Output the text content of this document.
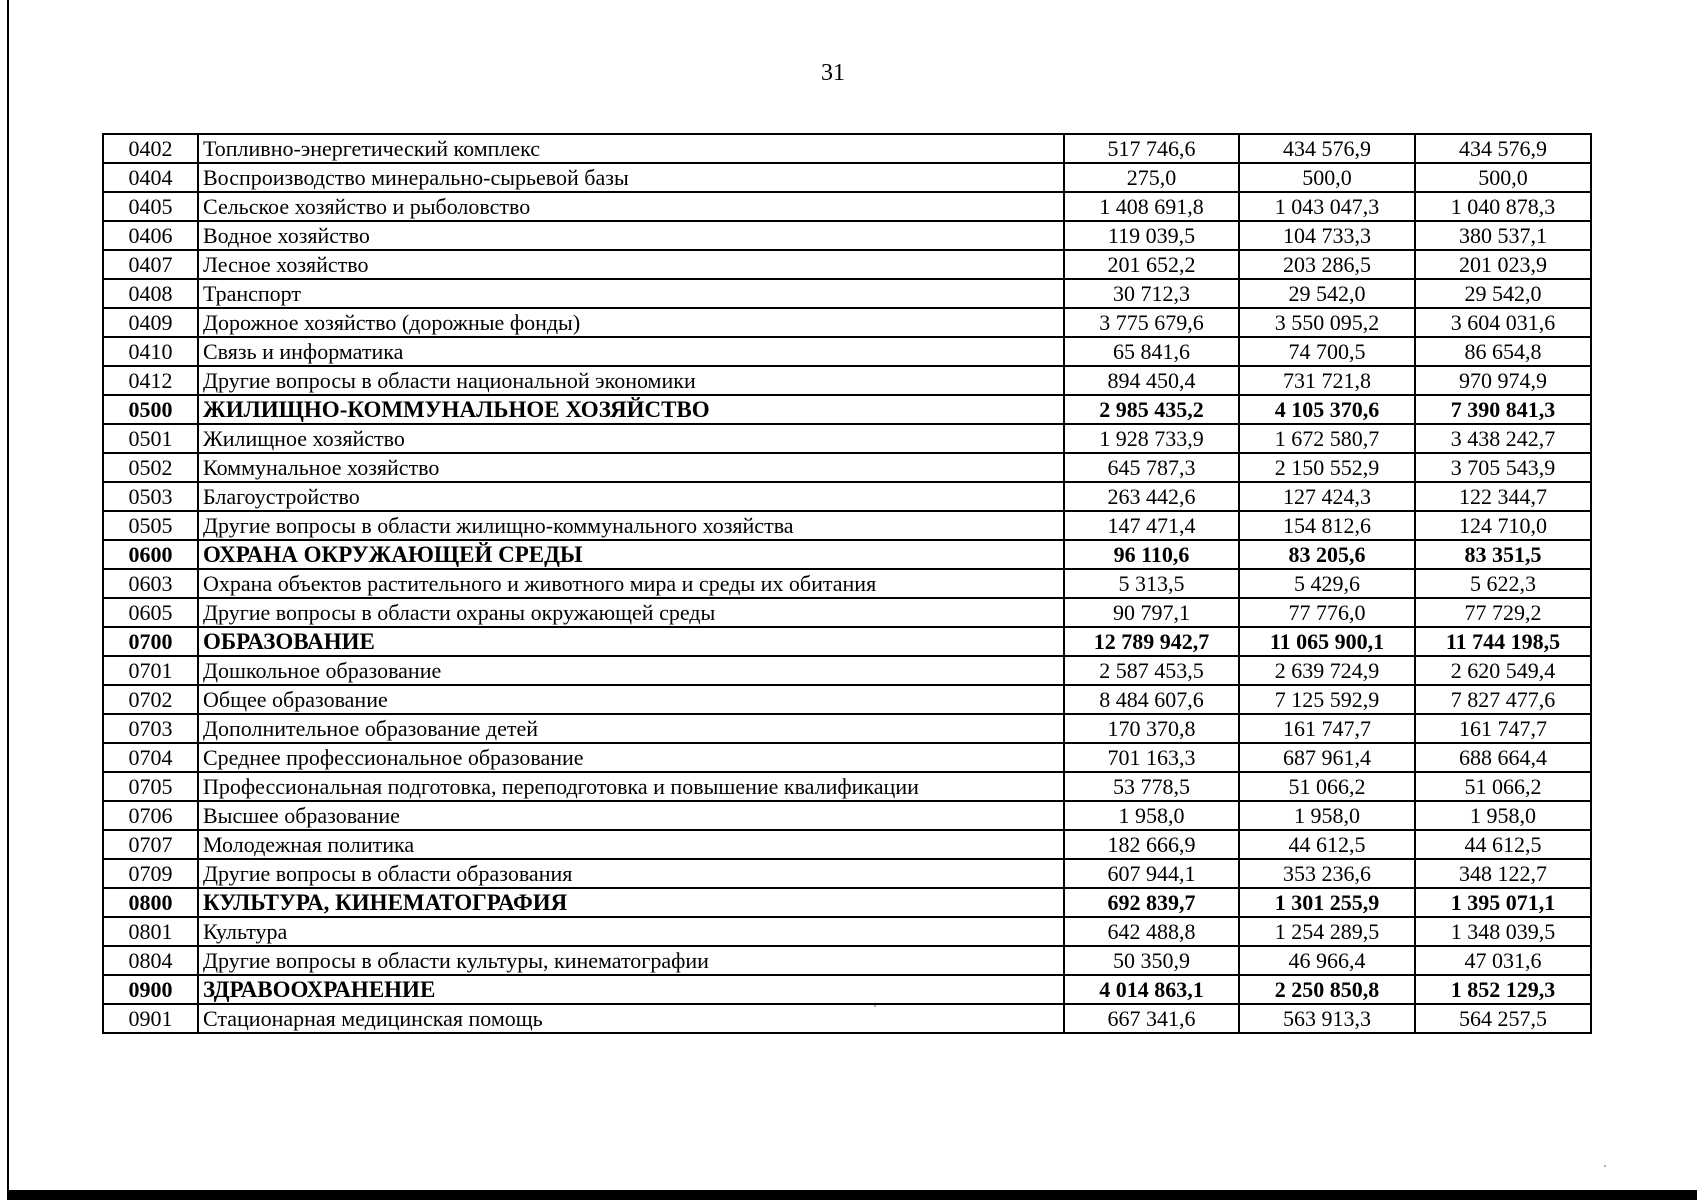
31
0402	Топливно-энергетический комплекс	517 746,6	434 576,9	434 576,9
0404	Воспроизводство минерально-сырьевой базы	275,0	500,0	500,0
0405	Сельское хозяйство и рыболовство	1 408 691,8	1 043 047,3	1 040 878,3
0406	Водное хозяйство	119 039,5	104 733,3	380 537,1
0407	Лесное хозяйство	201 652,2	203 286,5	201 023,9
0408	Транспорт	30 712,3	29 542,0	29 542,0
0409	Дорожное хозяйство (дорожные фонды)	3 775 679,6	3 550 095,2	3 604 031,6
0410	Связь и информатика	65 841,6	74 700,5	86 654,8
0412	Другие вопросы в области национальной экономики	894 450,4	731 721,8	970 974,9
0500	ЖИЛИЩНО-КОММУНАЛЬНОЕ ХОЗЯЙСТВО	2 985 435,2	4 105 370,6	7 390 841,3
0501	Жилищное хозяйство	1 928 733,9	1 672 580,7	3 438 242,7
0502	Коммунальное хозяйство	645 787,3	2 150 552,9	3 705 543,9
0503	Благоустройство	263 442,6	127 424,3	122 344,7
0505	Другие вопросы в области жилищно-коммунального хозяйства	147 471,4	154 812,6	124 710,0
0600	ОХРАНА ОКРУЖАЮЩЕЙ СРЕДЫ	96 110,6	83 205,6	83 351,5
0603	Охрана объектов растительного и животного мира и среды их обитания	5 313,5	5 429,6	5 622,3
0605	Другие вопросы в области охраны окружающей среды	90 797,1	77 776,0	77 729,2
0700	ОБРАЗОВАНИЕ	12 789 942,7	11 065 900,1	11 744 198,5
0701	Дошкольное образование	2 587 453,5	2 639 724,9	2 620 549,4
0702	Общее образование	8 484 607,6	7 125 592,9	7 827 477,6
0703	Дополнительное образование детей	170 370,8	161 747,7	161 747,7
0704	Среднее профессиональное образование	701 163,3	687 961,4	688 664,4
0705	Профессиональная подготовка, переподготовка и повышение квалификации	53 778,5	51 066,2	51 066,2
0706	Высшее образование	1 958,0	1 958,0	1 958,0
0707	Молодежная политика	182 666,9	44 612,5	44 612,5
0709	Другие вопросы в области образования	607 944,1	353 236,6	348 122,7
0800	КУЛЬТУРА, КИНЕМАТОГРАФИЯ	692 839,7	1 301 255,9	1 395 071,1
0801	Культура	642 488,8	1 254 289,5	1 348 039,5
0804	Другие вопросы в области культуры, кинематографии	50 350,9	46 966,4	47 031,6
0900	ЗДРАВООХРАНЕНИЕ	4 014 863,1	2 250 850,8	1 852 129,3
0901	Стационарная медицинская помощь	667 341,6	563 913,3	564 257,5
